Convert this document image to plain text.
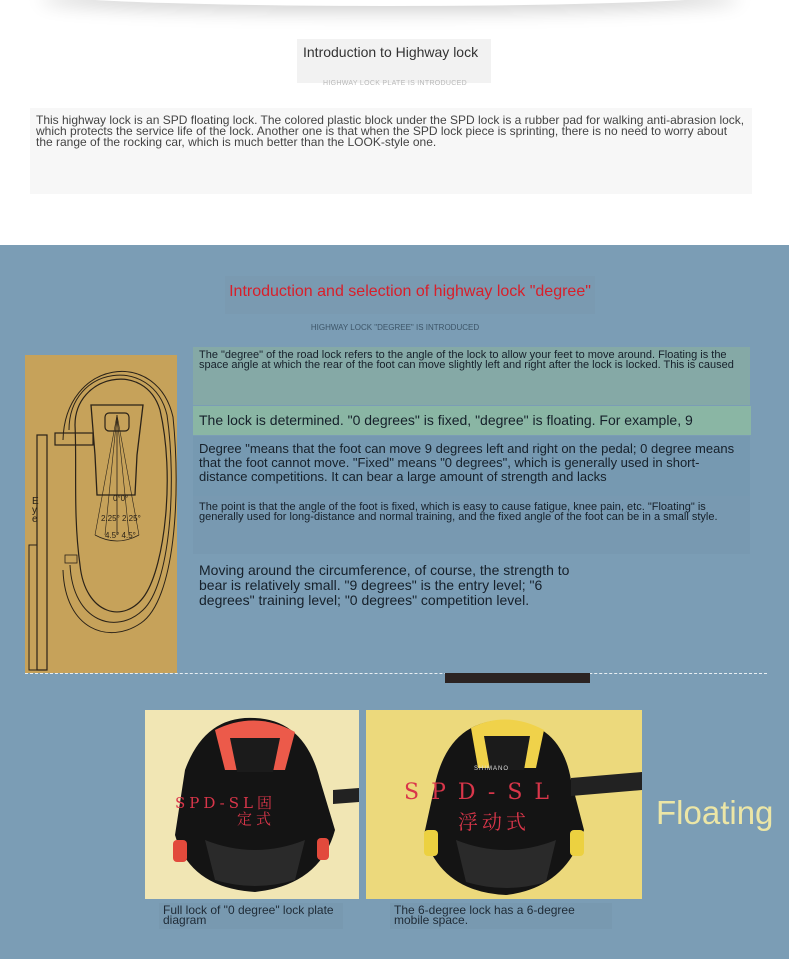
Introduction to Highway lock
HIGHWAY LOCK PLATE IS INTRODUCED
This highway lock is an SPD floating lock. The colored plastic block under the SPD lock is a rubber pad for walking anti-abrasion lock, which protects the service life of the lock. Another one is that when the SPD lock piece is sprinting, there is no need to worry about the range of the rocking car, which is much better than the LOOK-style one.
Introduction and selection of highway lock "degree"
HIGHWAY LOCK "DEGREE" IS INTRODUCED
Eye
0°0°
2.25° 2.25°
4.5° 4.5°
The "degree" of the road lock refers to the angle of the lock to allow your feet to move around. Floating is the space angle at which the rear of the foot can move slightly left and right after the lock is locked. This is caused
The lock is determined. "0 degrees" is fixed, "degree" is floating. For example, 9
Degree "means that the foot can move 9 degrees left and right on the pedal; 0 degree means that the foot cannot move. "Fixed" means "0 degrees", which is generally used in short-distance competitions. It can bear a large amount of strength and lacks
The point is that the angle of the foot is fixed, which is easy to cause fatigue, knee pain, etc. "Floating" is generally used for long-distance and normal training, and the fixed angle of the foot can be in a small style.
Moving around the circumference, of course, the strength to bear is relatively small. "9 degrees" is the entry level; "6 degrees" training level; "0 degrees" competition level.
SPD-SL固
定式
SHIMANO
SPD-SL
浮动式	Floating
Full lock of "0 degree" lock plate diagram
The 6-degree lock has a 6-degree mobile space.
